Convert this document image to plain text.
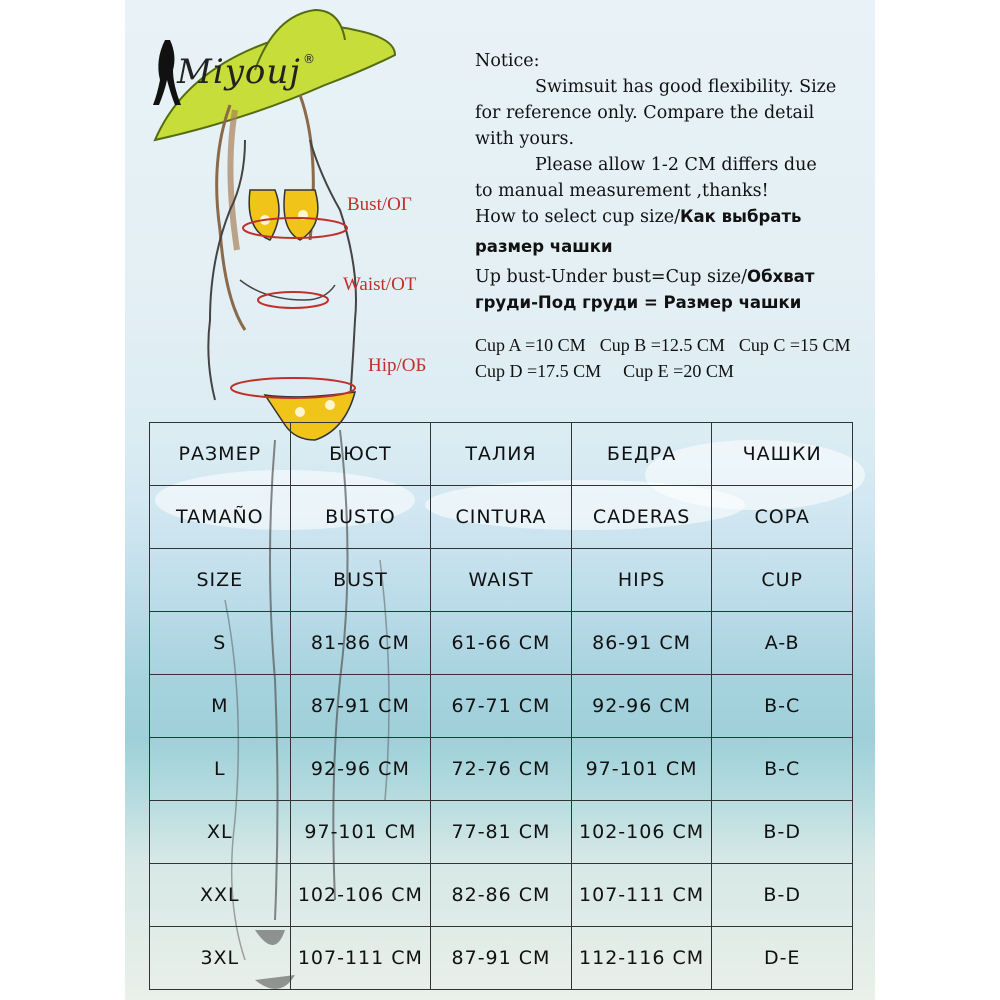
Miyouj ®
Bust/ОГ
Waist/ОТ
Hip/ОБ
Notice:
Swimsuit has good flexibility. Size
for reference only. Compare the detail
with yours.
Please allow 1-2 CM differs due
to manual measurement ,thanks!
How to select cup size/Как выбрать
размер чашки
Up bust-Under bust=Cup size/Обхват
груди-Под груди = Размер чашки
Cup A =10 CM Cup B =12.5 CM Cup C =15 CM
Cup D =17.5 CM Cup E =20 CM
РАЗМЕР	БЮСТ	ТАЛИЯ	БЕДРА	ЧАШКИ
TAMAÑO	BUSTO	CINTURA	CADERAS	COPA
SIZE	BUST	WAIST	HIPS	CUP
S	81-86 CM	61-66 CM	86-91 CM	A-B
M	87-91 CM	67-71 CM	92-96 CM	B-C
L	92-96 CM	72-76 CM	97-101 CM	B-C
XL	97-101 CM	77-81 CM	102-106 CM	B-D
XXL	102-106 CM	82-86 CM	107-111 CM	B-D
3XL	107-111 CM	87-91 CM	112-116 CM	D-E
